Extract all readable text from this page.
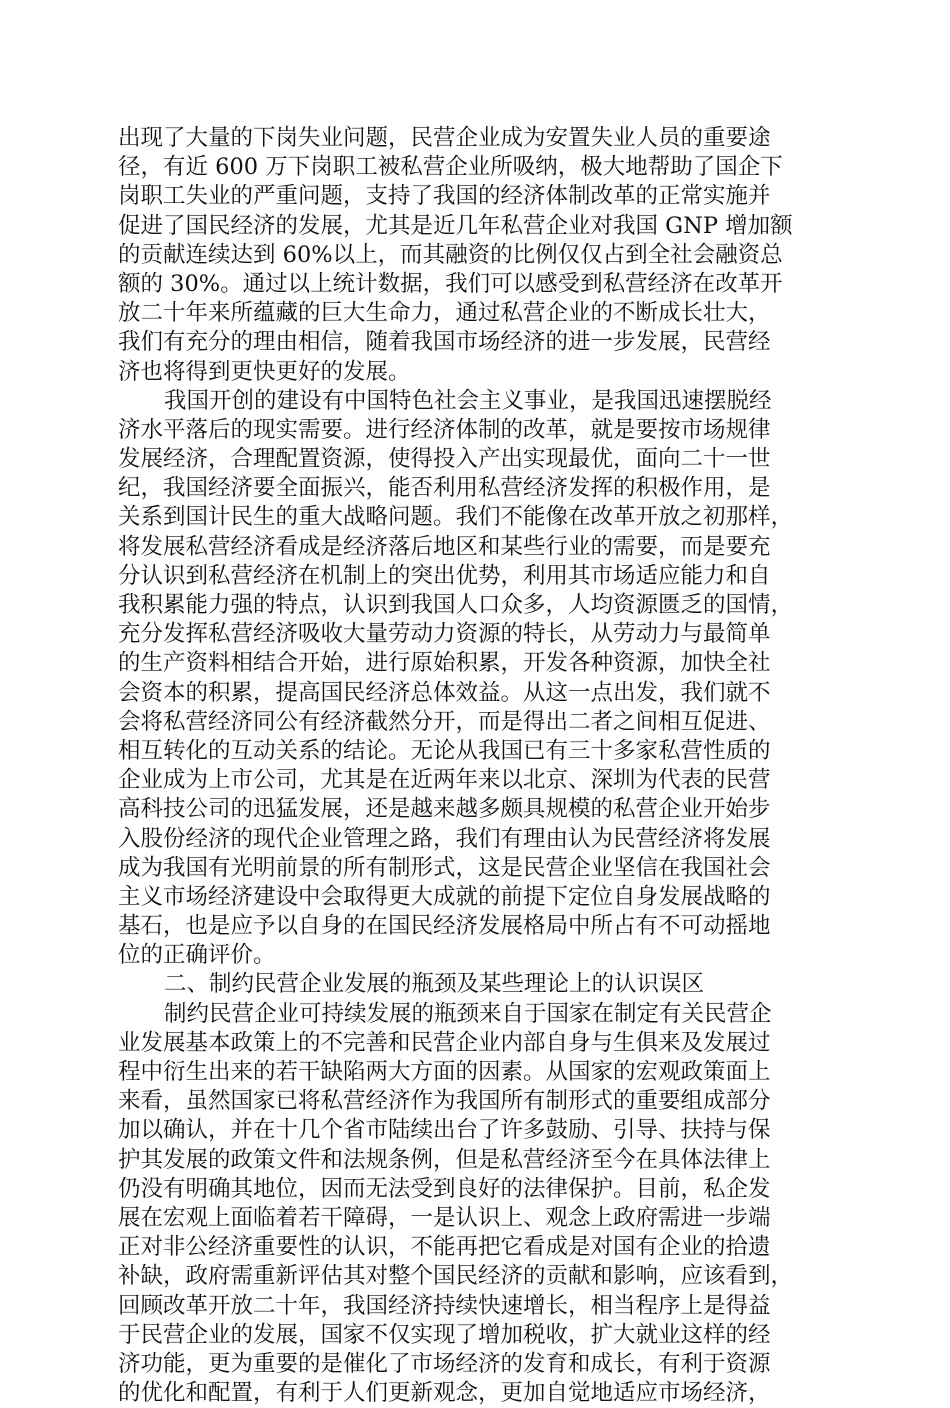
出现了大量的下岗失业问题，民营企业成为安置失业人员的重要途
径，有近 600 万下岗职工被私营企业所吸纳，极大地帮助了国企下
岗职工失业的严重问题，支持了我国的经济体制改革的正常实施并
促进了国民经济的发展，尤其是近几年私营企业对我国 GNP 增加额
的贡献连续达到 60%以上，而其融资的比例仅仅占到全社会融资总
额的 30%。通过以上统计数据，我们可以感受到私营经济在改革开
放二十年来所蕴藏的巨大生命力，通过私营企业的不断成长壮大，
我们有充分的理由相信，随着我国市场经济的进一步发展，民营经
济也将得到更快更好的发展。
我国开创的建设有中国特色社会主义事业，是我国迅速摆脱经
济水平落后的现实需要。进行经济体制的改革，就是要按市场规律
发展经济，合理配置资源，使得投入产出实现最优，面向二十一世
纪，我国经济要全面振兴，能否利用私营经济发挥的积极作用，是
关系到国计民生的重大战略问题。我们不能像在改革开放之初那样，
将发展私营经济看成是经济落后地区和某些行业的需要，而是要充
分认识到私营经济在机制上的突出优势，利用其市场适应能力和自
我积累能力强的特点，认识到我国人口众多，人均资源匮乏的国情，
充分发挥私营经济吸收大量劳动力资源的特长，从劳动力与最简单
的生产资料相结合开始，进行原始积累，开发各种资源，加快全社
会资本的积累，提高国民经济总体效益。从这一点出发，我们就不
会将私营经济同公有经济截然分开，而是得出二者之间相互促进、
相互转化的互动关系的结论。无论从我国已有三十多家私营性质的
企业成为上市公司，尤其是在近两年来以北京、深圳为代表的民营
高科技公司的迅猛发展，还是越来越多颇具规模的私营企业开始步
入股份经济的现代企业管理之路，我们有理由认为民营经济将发展
成为我国有光明前景的所有制形式，这是民营企业坚信在我国社会
主义市场经济建设中会取得更大成就的前提下定位自身发展战略的
基石，也是应予以自身的在国民经济发展格局中所占有不可动摇地
位的正确评价。
二、制约民营企业发展的瓶颈及某些理论上的认识误区
制约民营企业可持续发展的瓶颈来自于国家在制定有关民营企
业发展基本政策上的不完善和民营企业内部自身与生俱来及发展过
程中衍生出来的若干缺陷两大方面的因素。从国家的宏观政策面上
来看，虽然国家已将私营经济作为我国所有制形式的重要组成部分
加以确认，并在十几个省市陆续出台了许多鼓励、引导、扶持与保
护其发展的政策文件和法规条例，但是私营经济至今在具体法律上
仍没有明确其地位，因而无法受到良好的法律保护。目前，私企发
展在宏观上面临着若干障碍，一是认识上、观念上政府需进一步端
正对非公经济重要性的认识，不能再把它看成是对国有企业的拾遗
补缺，政府需重新评估其对整个国民经济的贡献和影响，应该看到，
回顾改革开放二十年，我国经济持续快速增长，相当程序上是得益
于民营企业的发展，国家不仅实现了增加税收，扩大就业这样的经
济功能，更为重要的是催化了市场经济的发育和成长，有利于资源
的优化和配置，有利于人们更新观念，更加自觉地适应市场经济，
